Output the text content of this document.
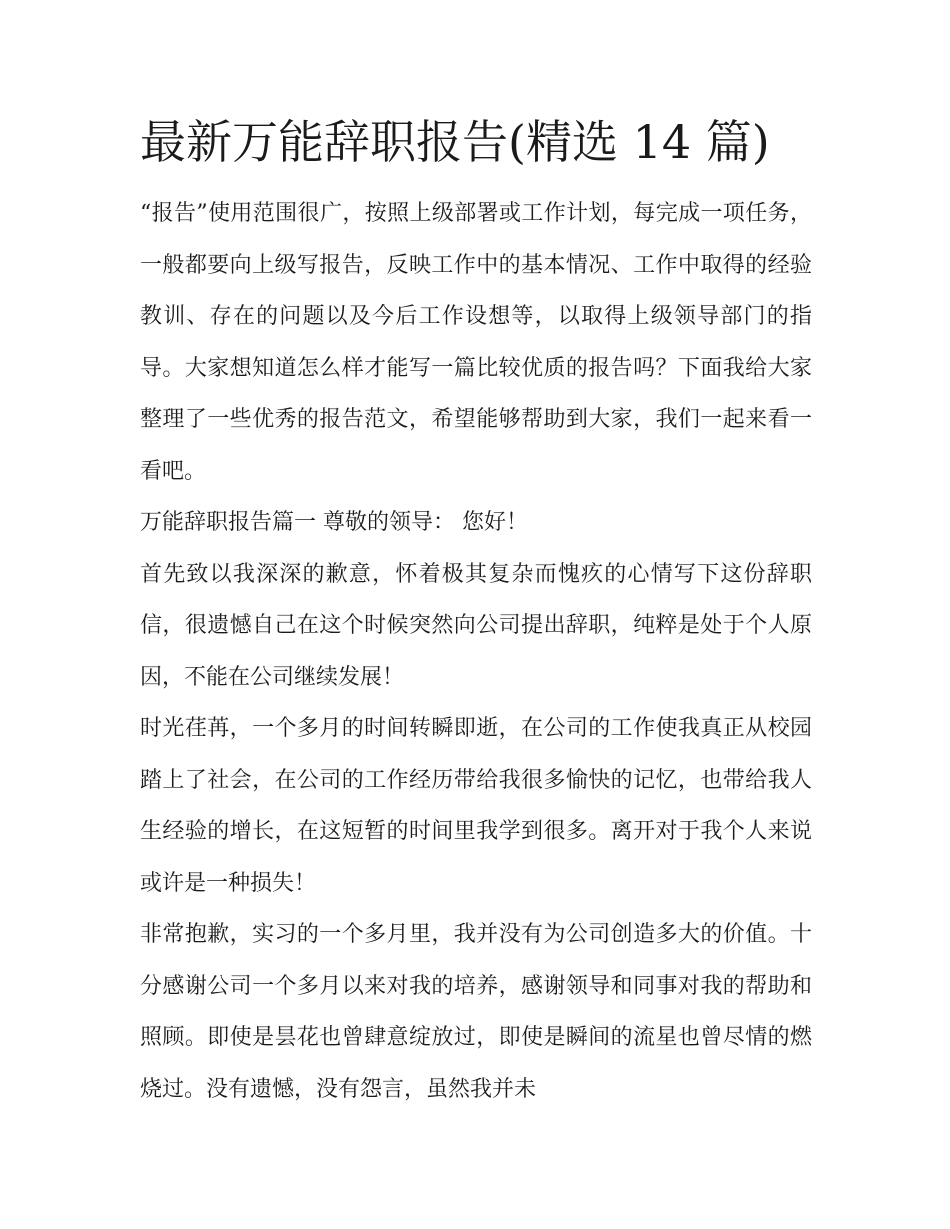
最新万能辞职报告(精选 14 篇)

“报告”使用范围很广，按照上级部署或工作计划，每完成一项任务，一般都要向上级写报告，反映工作中的基本情况、工作中取得的经验教训、存在的问题以及今后工作设想等，以取得上级领导部门的指导。大家想知道怎么样才能写一篇比较优质的报告吗？下面我给大家整理了一些优秀的报告范文，希望能够帮助到大家，我们一起来看一看吧。

万能辞职报告篇一 尊敬的领导： 您好！

首先致以我深深的歉意，怀着极其复杂而愧疚的心情写下这份辞职信，很遗憾自己在这个时候突然向公司提出辞职，纯粹是处于个人原因，不能在公司继续发展！

时光荏苒，一个多月的时间转瞬即逝，在公司的工作使我真正从校园踏上了社会，在公司的工作经历带给我很多愉快的记忆，也带给我人生经验的增长，在这短暂的时间里我学到很多。离开对于我个人来说或许是一种损失！

非常抱歉，实习的一个多月里，我并没有为公司创造多大的价值。十分感谢公司一个多月以来对我的培养，感谢领导和同事对我的帮助和照顾。即使是昙花也曾肆意绽放过，即使是瞬间的流星也曾尽情的燃烧过。没有遗憾，没有怨言，虽然我并未
